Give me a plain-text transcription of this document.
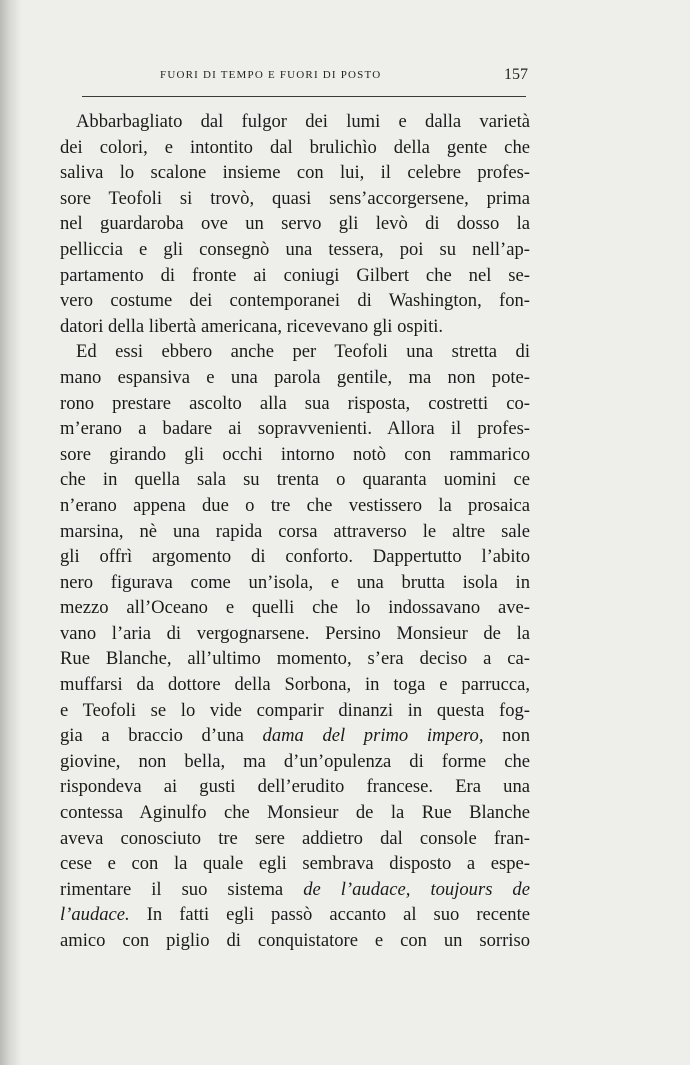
FUORI DI TEMPO E FUORI DI POSTO	157
Abbarbagliato dal fulgor dei lumi e dalla varietà
dei colori, e intontito dal brulichìo della gente che
saliva lo scalone insieme con lui, il celebre profes-
sore Teofoli si trovò, quasi sens’accorgersene, prima
nel guardaroba ove un servo gli levò di dosso la
pelliccia e gli consegnò una tessera, poi su nell’ap-
partamento di fronte ai coniugi Gilbert che nel se-
vero costume dei contemporanei di Washington, fon-
datori della libertà americana, ricevevano gli ospiti.
Ed essi ebbero anche per Teofoli una stretta di
mano espansiva e una parola gentile, ma non pote-
rono prestare ascolto alla sua risposta, costretti co-
m’erano a badare ai sopravvenienti. Allora il profes-
sore girando gli occhi intorno notò con rammarico
che in quella sala su trenta o quaranta uomini ce
n’erano appena due o tre che vestissero la prosaica
marsina, nè una rapida corsa attraverso le altre sale
gli offrì argomento di conforto. Dappertutto l’abito
nero figurava come un’isola, e una brutta isola in
mezzo all’Oceano e quelli che lo indossavano ave-
vano l’aria di vergognarsene. Persino Monsieur de la
Rue Blanche, all’ultimo momento, s’era deciso a ca-
muffarsi da dottore della Sorbona, in toga e parrucca,
e Teofoli se lo vide comparir dinanzi in questa fog-
gia a braccio d’una dama del primo impero, non
giovine, non bella, ma d’un’opulenza di forme che
rispondeva ai gusti dell’erudito francese. Era una
contessa Aginulfo che Monsieur de la Rue Blanche
aveva conosciuto tre sere addietro dal console fran-
cese e con la quale egli sembrava disposto a espe-
rimentare il suo sistema de l’audace, toujours de
l’audace. In fatti egli passò accanto al suo recente
amico con piglio di conquistatore e con un sorriso
